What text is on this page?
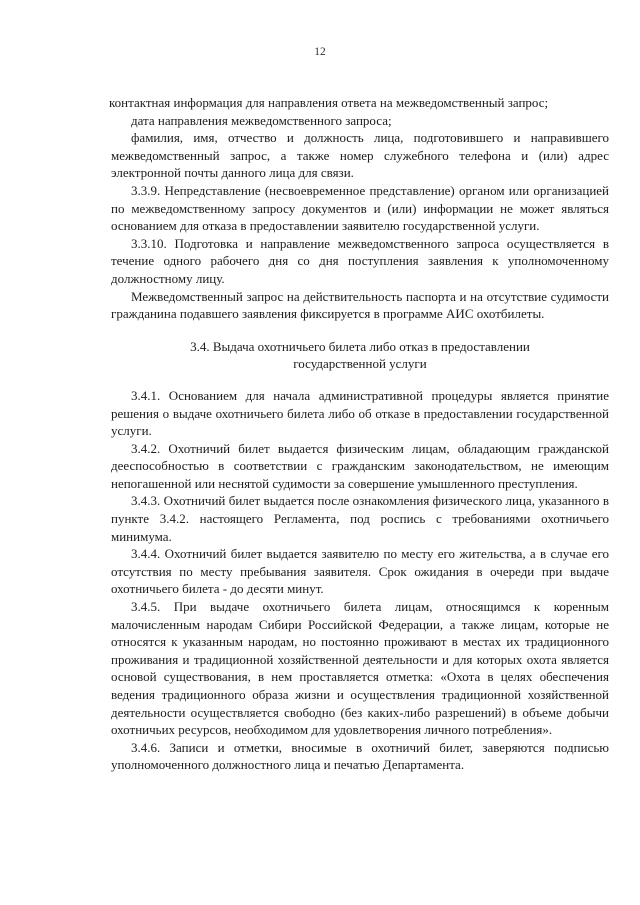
12

контактная информация для направления ответа на межведомственный запрос;

дата направления межведомственного запроса;

фамилия, имя, отчество и должность лица, подготовившего и направившего межведомственный запрос, а также номер служебного телефона и (или) адрес электронной почты данного лица для связи.

3.3.9. Непредставление (несвоевременное представление) органом или организацией по межведомственному запросу документов и (или) информации не может являться основанием для отказа в предоставлении заявителю государственной услуги.

3.3.10. Подготовка и направление межведомственного запроса осуществляется в течение одного рабочего дня со дня поступления заявления к уполномоченному должностному лицу.

Межведомственный запрос на действительность паспорта и на отсутствие судимости гражданина подавшего заявления фиксируется в программе АИС охотбилеты.

3.4. Выдача охотничьего билета либо отказ в предоставлении
государственной услуги

3.4.1. Основанием для начала административной процедуры является принятие решения о выдаче охотничьего билета либо об отказе в предоставлении государственной услуги.

3.4.2. Охотничий билет выдается физическим лицам, обладающим гражданской дееспособностью в соответствии с гражданским законодательством, не имеющим непогашенной или неснятой судимости за совершение умышленного преступления.

3.4.3. Охотничий билет выдается после ознакомления физического лица, указанного в пункте 3.4.2. настоящего Регламента, под роспись с требованиями охотничьего минимума.

3.4.4. Охотничий билет выдается заявителю по месту его жительства, а в случае его отсутствия по месту пребывания заявителя. Срок ожидания в очереди при выдаче охотничьего билета - до десяти минут.

3.4.5. При выдаче охотничьего билета лицам, относящимся к коренным малочисленным народам Сибири Российской Федерации, а также лицам, которые не относятся к указанным народам, но постоянно проживают в местах их традиционного проживания и традиционной хозяйственной деятельности и для которых охота является основой существования, в нем проставляется отметка: «Охота в целях обеспечения ведения традиционного образа жизни и осуществления традиционной хозяйственной деятельности осуществляется свободно (без каких-либо разрешений) в объеме добычи охотничьих ресурсов, необходимом для удовлетворения личного потребления».

3.4.6. Записи и отметки, вносимые в охотничий билет, заверяются подписью уполномоченного должностного лица и печатью Департамента.
